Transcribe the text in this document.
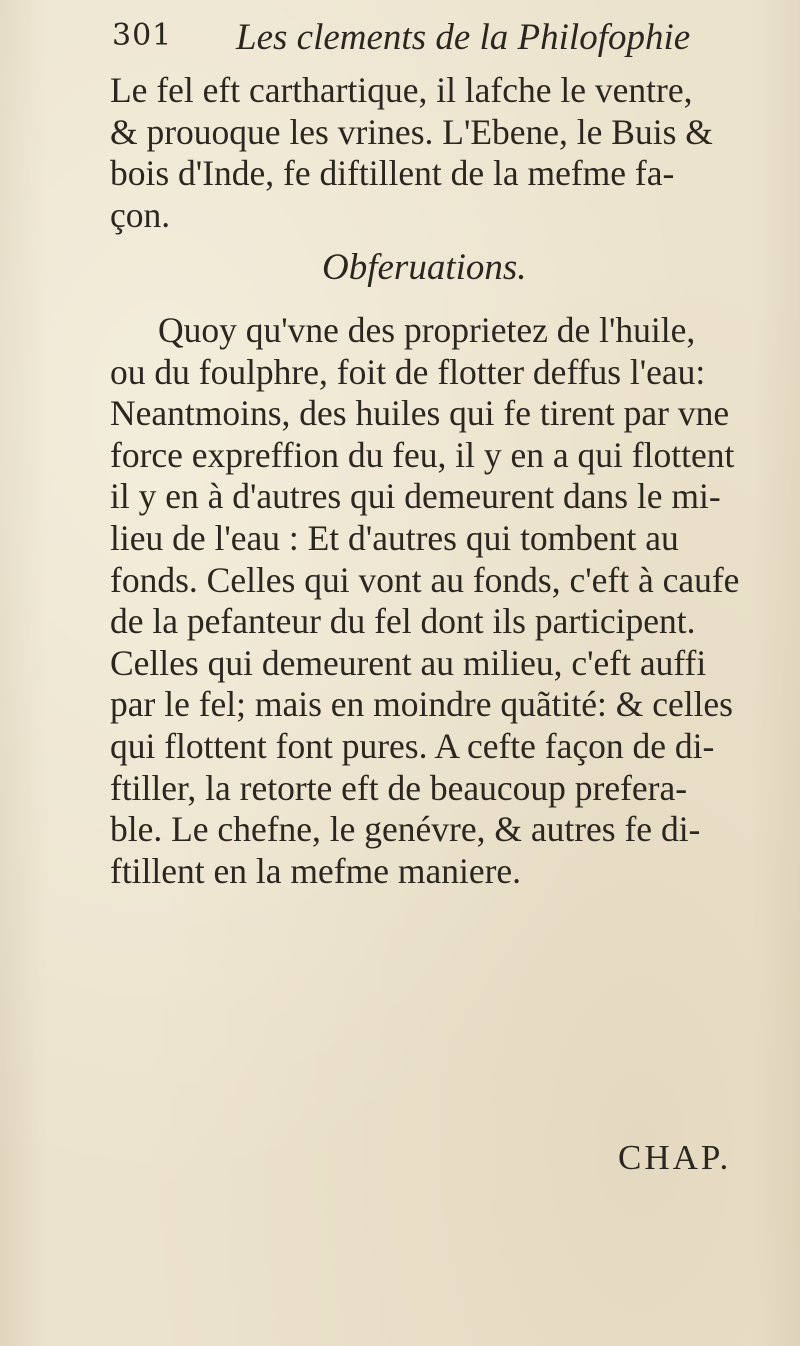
301 Les clements de la Philofophie
Le fel eft carthartique, il lafche le ventre,
& prouoque les vrines. L'Ebene, le Buis &
bois d'Inde, fe diftillent de la mefme fa-
çon.
Obferuations.
Quoy qu'vne des proprietez de l'huile,
ou du foulphre, foit de flotter deffus l'eau:
Neantmoins, des huiles qui fe tirent par vne
force expreffion du feu, il y en a qui flottent
il y en à d'autres qui demeurent dans le mi-
lieu de l'eau : Et d'autres qui tombent au
fonds. Celles qui vont au fonds, c'eft à caufe
de la pefanteur du fel dont ils participent.
Celles qui demeurent au milieu, c'eft auffi
par le fel; mais en moindre quãtité: & celles
qui flottent font pures. A cefte façon de di-
ftiller, la retorte eft de beaucoup prefera-
ble. Le chefne, le genévre, & autres fe di-
ftillent en la mefme maniere.
CHAP.
